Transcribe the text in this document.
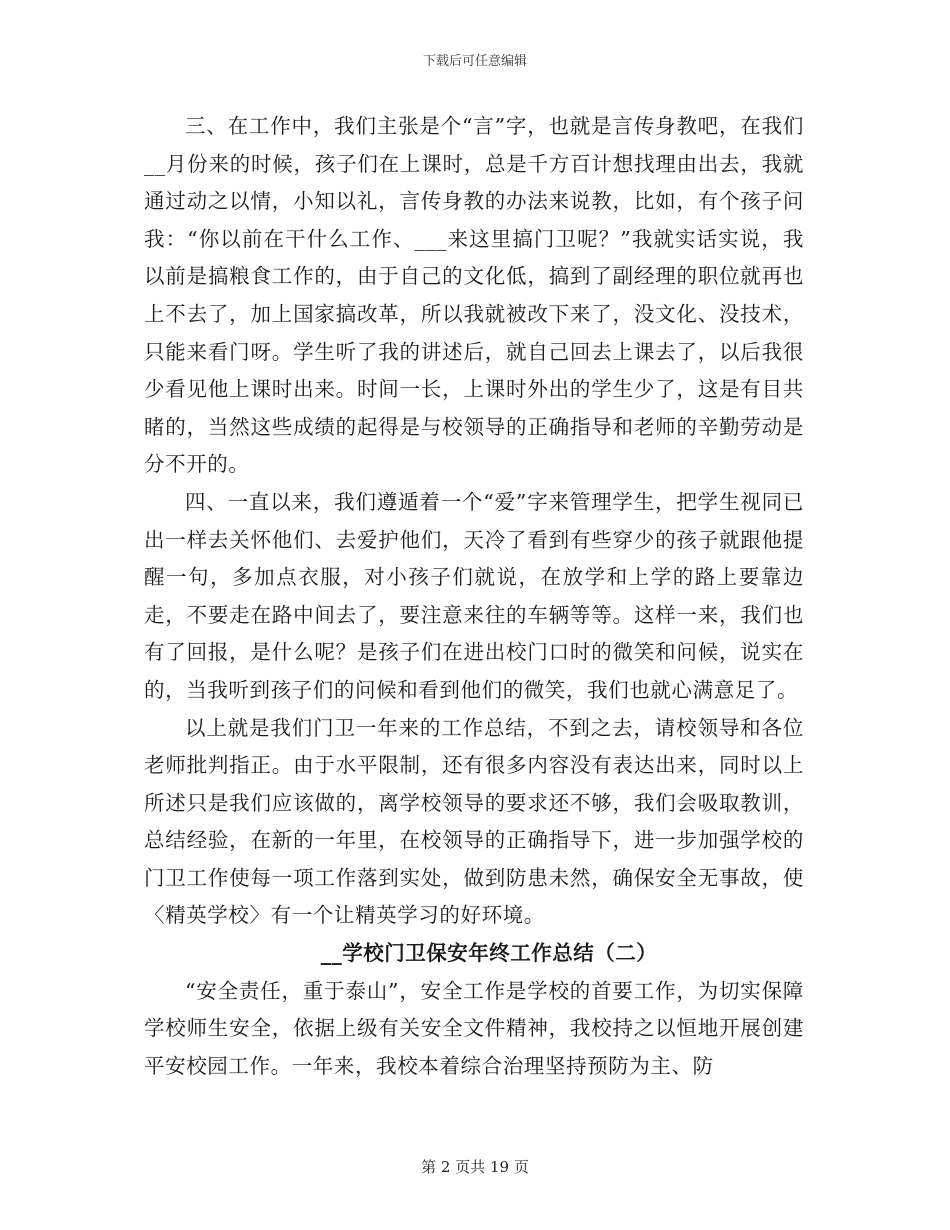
下载后可任意编辑

三、在工作中，我们主张是个“言”字，也就是言传身教吧，在我们__月份来的时候，孩子们在上课时，总是千方百计想找理由出去，我就通过动之以情，小知以礼，言传身教的办法来说教，比如，有个孩子问我：“你以前在干什么工作、___来这里搞门卫呢？”我就实话实说，我以前是搞粮食工作的，由于自己的文化低，搞到了副经理的职位就再也上不去了，加上国家搞改革，所以我就被改下来了，没文化、没技术，只能来看门呀。学生听了我的讲述后，就自己回去上课去了，以后我很少看见他上课时出来。时间一长，上课时外出的学生少了，这是有目共睹的，当然这些成绩的起得是与校领导的正确指导和老师的辛勤劳动是分不开的。

四、一直以来，我们遵遁着一个“爱”字来管理学生，把学生视同已出一样去关怀他们、去爱护他们，天冷了看到有些穿少的孩子就跟他提醒一句，多加点衣服，对小孩子们就说，在放学和上学的路上要靠边走，不要走在路中间去了，要注意来往的车辆等等。这样一来，我们也有了回报，是什么呢？是孩子们在进出校门口时的微笑和问候，说实在的，当我听到孩子们的问候和看到他们的微笑，我们也就心满意足了。

以上就是我们门卫一年来的工作总结，不到之去，请校领导和各位老师批判指正。由于水平限制，还有很多内容没有表达出来，同时以上所述只是我们应该做的，离学校领导的要求还不够，我们会吸取教训，总结经验，在新的一年里，在校领导的正确指导下，进一步加强学校的门卫工作使每一项工作落到实处，做到防患未然，确保安全无事故，使〈精英学校〉有一个让精英学习的好环境。

__学校门卫保安年终工作总结（二）

“安全责任，重于泰山”，安全工作是学校的首要工作，为切实保障学校师生安全，依据上级有关安全文件精神，我校持之以恒地开展创建平安校园工作。一年来，我校本着综合治理坚持预防为主、防

第 2 页共 19 页
